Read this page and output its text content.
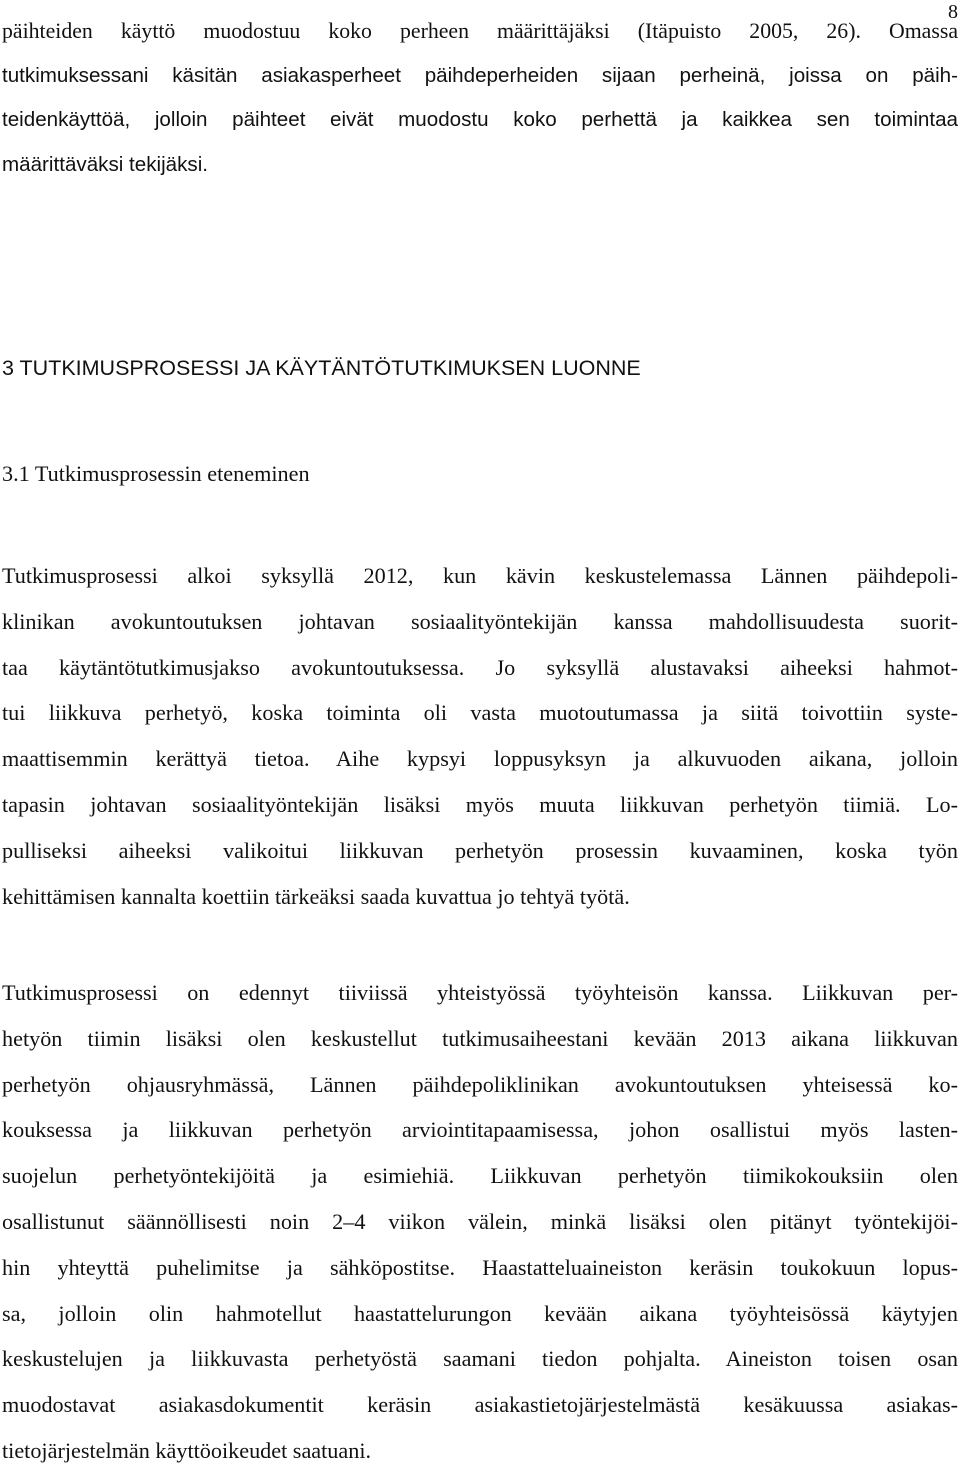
8
päihteiden käyttö muodostuu koko perheen määrittäjäksi (Itäpuisto 2005, 26). Omassa
tutkimuksessani käsitän asiakasperheet päihdeperheiden sijaan perheinä, joissa on päih-
teidenkäyttöä, jolloin päihteet eivät muodostu koko perhettä ja kaikkea sen toimintaa
määrittäväksi tekijäksi.
3 TUTKIMUSPROSESSI JA KÄYTÄNTÖTUTKIMUKSEN LUONNE
3.1 Tutkimusprosessin eteneminen
Tutkimusprosessi alkoi syksyllä 2012, kun kävin keskustelemassa Lännen päihdepoli-
klinikan avokuntoutuksen johtavan sosiaalityöntekijän kanssa mahdollisuudesta suorit-
taa käytäntötutkimusjakso avokuntoutuksessa. Jo syksyllä alustavaksi aiheeksi hahmot-
tui liikkuva perhetyö, koska toiminta oli vasta muotoutumassa ja siitä toivottiin syste-
maattisemmin kerättyä tietoa. Aihe kypsyi loppusyksyn ja alkuvuoden aikana, jolloin
tapasin johtavan sosiaalityöntekijän lisäksi myös muuta liikkuvan perhetyön tiimiä. Lo-
pulliseksi aiheeksi valikoitui liikkuvan perhetyön prosessin kuvaaminen, koska työn
kehittämisen kannalta koettiin tärkeäksi saada kuvattua jo tehtyä työtä.
Tutkimusprosessi on edennyt tiiviissä yhteistyössä työyhteisön kanssa. Liikkuvan per-
hetyön tiimin lisäksi olen keskustellut tutkimusaiheestani kevään 2013 aikana liikkuvan
perhetyön ohjausryhmässä, Lännen päihdepoliklinikan avokuntoutuksen yhteisessä ko-
kouksessa ja liikkuvan perhetyön arviointitapaamisessa, johon osallistui myös lasten-
suojelun perhetyöntekijöitä ja esimiehiä. Liikkuvan perhetyön tiimikokouksiin olen
osallistunut säännöllisesti noin 2–4 viikon välein, minkä lisäksi olen pitänyt työntekijöi-
hin yhteyttä puhelimitse ja sähköpostitse. Haastatteluaineiston keräsin toukokuun lopus-
sa, jolloin olin hahmotellut haastattelurungon kevään aikana työyhteisössä käytyjen
keskustelujen ja liikkuvasta perhetyöstä saamani tiedon pohjalta. Aineiston toisen osan
muodostavat asiakasdokumentit keräsin asiakastietojärjestelmästä kesäkuussa asiakas-
tietojärjestelmän käyttöoikeudet saatuani.
